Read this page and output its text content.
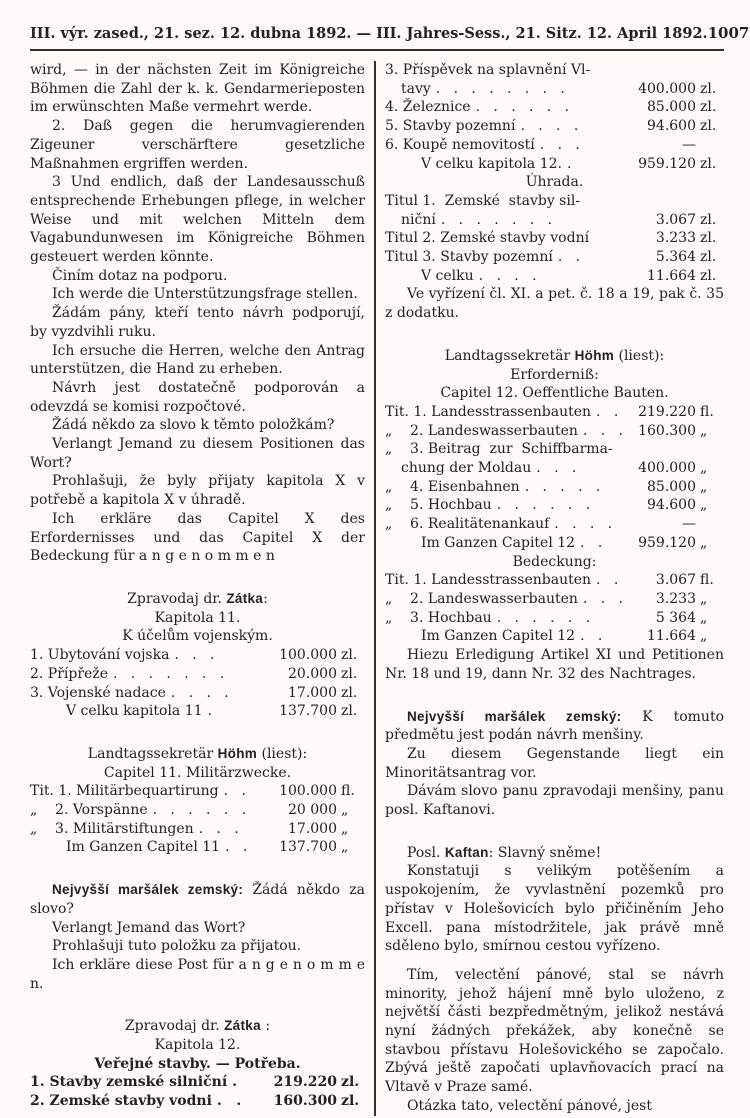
III. výr. zased., 21. sez. 12. dubna 1892. — III. Jahres-Sess., 21. Sitz. 12. April 1892. 1007

wird, — in der nächsten Zeit im Königreiche Böhmen die Zahl der k. k. Gendarmerieposten im erwünschten Maße vermehrt werde.

2. Daß gegen die herumvagierenden Zigeuner verschärftere gesetzliche Maßnahmen ergriffen werden.

3 Und endlich, daß der Landesausschuß entsprechende Erhebungen pflege, in welcher Weise und mit welchen Mitteln dem Vagabundunwesen im Königreiche Böhmen gesteuert werden könnte.

Činím dotaz na podporu.

Ich werde die Unterstützungsfrage stellen.

Žádám pány, kteří tento návrh podporují, by vyzdvihli ruku.

Ich ersuche die Herren, welche den Antrag unterstützen, die Hand zu erheben.

Návrh jest dostatečně podporován a odevzdá se komisi rozpočtové.

Žádá někdo za slovo k těmto položkám?

Verlangt Jemand zu diesem Positionen das Wort?

Prohlašuji, že byly přijaty kapitola X v potřebě a kapitola X v úhradě.

Ich erkläre das Capitel X des Erfordernisses und das Capitel X der Bedeckung für a n g e n o m m e n

Zpravodaj dr. Zátka:
Kapitola 11.
K účelům vojenským.
1. Ubytování vojska .   .   .	100.000 zl.
2. Přípřeže .   .   .   .   .   .   .	20.000 zl.
3. Vojenské nadace .   .   .   .	17.000 zl.
V celku kapitola 11 .	137.700 zl.
Landtagssekretär Höhm (liest):
Capitel 11. Militärzwecke.
Tit. 1. Militärbequartirung .   .	100.000 fl.
„    2. Vorspänne .   .   .   .   .   .	20 000 „
„    3. Militärstiftungen .   .   .	17.000 „
Im Ganzen Capitel 11 .   .	137.700 „

Nejvyšší maršálek zemský: Žádá někdo za slovo?

Verlangt Jemand das Wort?

Prohlašuji tuto položku za přijatou.

Ich erkläre diese Post für a n g e n o m m e n.

Zpravodaj dr. Zátka :
Kapitola 12.
Veřejné stavby. — Potřeba.
1. Stavby zemské silniční .	219.220 zl.
2. Zemské stavby vodni .   .	160.300 zl.
3. Příspěvek na splavnění Vl-
tavy .   .   .   .   .   .   .   .	400.000 zl.
4. Železnice .   .   .   .   .   .	85.000 zl.
5. Stavby pozemní .   .   .   .	94.600 zl.
6. Koupě nemovitostí .   .   .	—
V celku kapitola 12. .	959.120 zl.
Úhrada.
Titul 1.  Zemské  stavby sil-
niční .   .   .   .   .   .   .	3.067 zl.
Titul 2. Zemské stavby vodní	3.233 zl.
Titul 3. Stavby pozemní .   .	5.364 zl.
V celku .   .   .   .	11.664 zl.

Ve vyřízení čl. XI. a pet. č. 18 a 19, pak č. 35 z dodatku.

Landtagssekretär Höhm (liest):
Erforderniß:
Capitel 12. Oeffentliche Bauten.
Tit. 1. Landesstrassenbauten .   .	219.220 fl.
„    2. Landeswasserbauten .   .   .	160.300 „
„    3. Beitrag  zur  Schiffbarma-
chung der Moldau .   .   .	400.000 „
„    4. Eisenbahnen .   .   .   .   .	85.000 „
„    5. Hochbau .   .   .   .   .   .	94.600 „
„    6. Realitätenankauf .   .   .   .	—
Im Ganzen Capitel 12 .   .	959.120 „
Bedeckung:
Tit. 1. Landesstrassenbauten .   .	3.067 fl.
„    2. Landeswasserbauten .   .   .	3.233 „
„    3. Hochbau .   .   .   .   .   .	5 364 „
Im Ganzen Capitel 12 .   .	11.664 „

Hiezu Erledigung Artikel XI und Petitionen Nr. 18 und 19, dann Nr. 32 des Nachtrages.

Nejvyšší maršálek zemský: K tomuto předmětu jest podán návrh menšiny.

Zu diesem Gegenstande liegt ein Minoritätsantrag vor.

Dávám slovo panu zpravodaji menšiny, panu posl. Kaftanovi.

Posl. Kaftan: Slavný sněme!

Konstatuji s velikým potěšením a uspokojením, že vyvlastnění pozemků pro přístav v Holešovicích bylo přičiněním Jeho Excell. pana místodržitele, jak právě mně sděleno bylo, smírnou cestou vyřízeno.

Tím, velectění pánové, stal se návrh minority, jehož hájení mně bylo uloženo, z největší části bezpředmětným, jelikož nestává nyní žádných překážek, aby konečně se stavbou přístavu Holešovického se započalo. Zbývá ještě započati uplavňovacích prací na Vltavě v Praze samé.

Otázka tato, velectění pánové, jest
